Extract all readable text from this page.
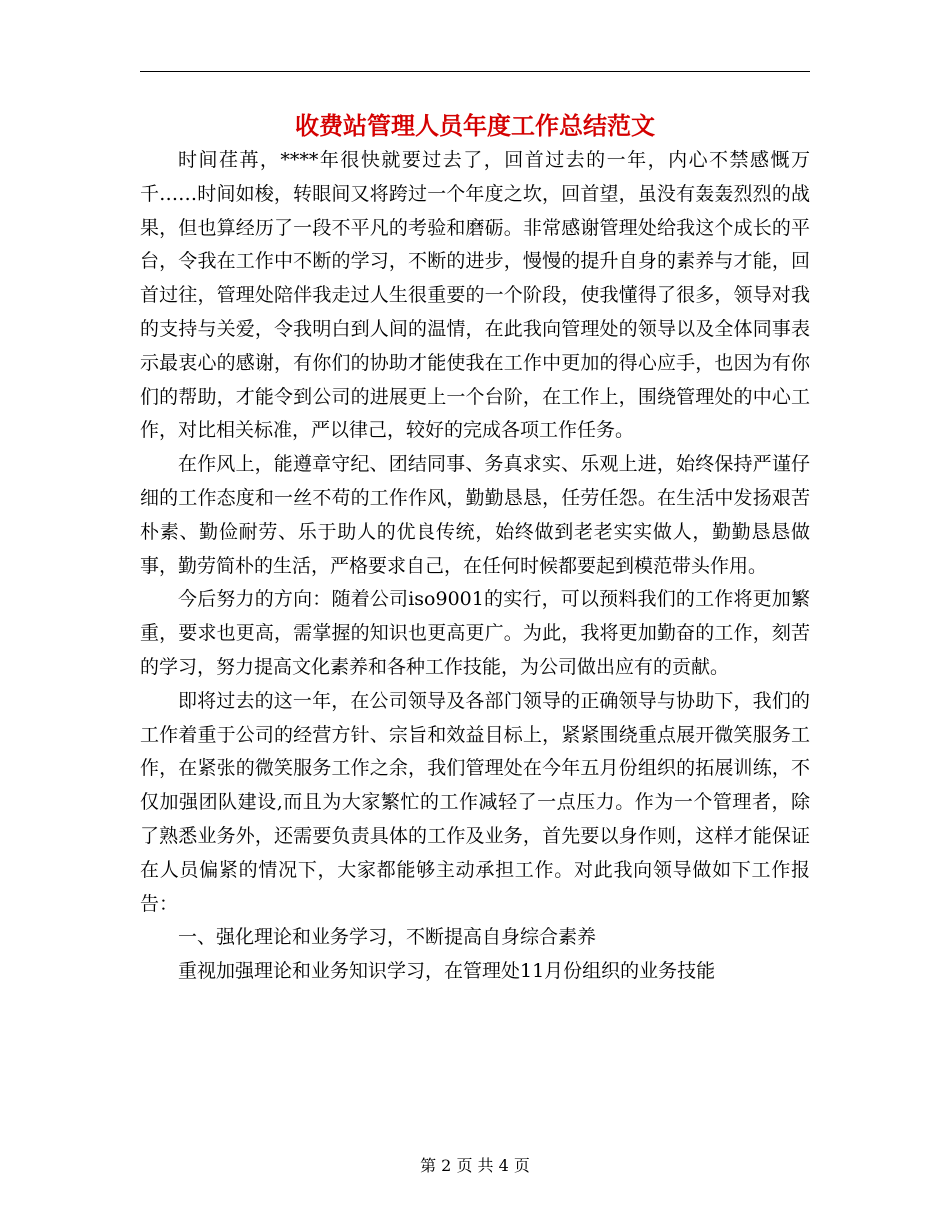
收费站管理人员年度工作总结范文

时间荏苒，****年很快就要过去了，回首过去的一年，内心不禁感慨万千……时间如梭，转眼间又将跨过一个年度之坎，回首望，虽没有轰轰烈烈的战果，但也算经历了一段不平凡的考验和磨砺。非常感谢管理处给我这个成长的平台，令我在工作中不断的学习，不断的进步，慢慢的提升自身的素养与才能，回首过往，管理处陪伴我走过人生很重要的一个阶段，使我懂得了很多，领导对我的支持与关爱，令我明白到人间的温情，在此我向管理处的领导以及全体同事表示最衷心的感谢，有你们的协助才能使我在工作中更加的得心应手，也因为有你们的帮助，才能令到公司的进展更上一个台阶，在工作上，围绕管理处的中心工作，对比相关标准，严以律己，较好的完成各项工作任务。

在作风上，能遵章守纪、团结同事、务真求实、乐观上进，始终保持严谨仔细的工作态度和一丝不苟的工作作风，勤勤恳恳，任劳任怨。在生活中发扬艰苦朴素、勤俭耐劳、乐于助人的优良传统，始终做到老老实实做人，勤勤恳恳做事，勤劳简朴的生活，严格要求自己，在任何时候都要起到模范带头作用。

今后努力的方向：随着公司iso9001的实行，可以预料我们的工作将更加繁重，要求也更高，需掌握的知识也更高更广。为此，我将更加勤奋的工作，刻苦的学习，努力提高文化素养和各种工作技能，为公司做出应有的贡献。

即将过去的这一年，在公司领导及各部门领导的正确领导与协助下，我们的工作着重于公司的经营方针、宗旨和效益目标上，紧紧围绕重点展开微笑服务工作，在紧张的微笑服务工作之余，我们管理处在今年五月份组织的拓展训练，不仅加强团队建设,而且为大家繁忙的工作减轻了一点压力。作为一个管理者，除了熟悉业务外，还需要负责具体的工作及业务，首先要以身作则，这样才能保证在人员偏紧的情况下，大家都能够主动承担工作。对此我向领导做如下工作报告：

一、强化理论和业务学习，不断提高自身综合素养

重视加强理论和业务知识学习，在管理处11月份组织的业务技能

第 2 页 共 4 页
